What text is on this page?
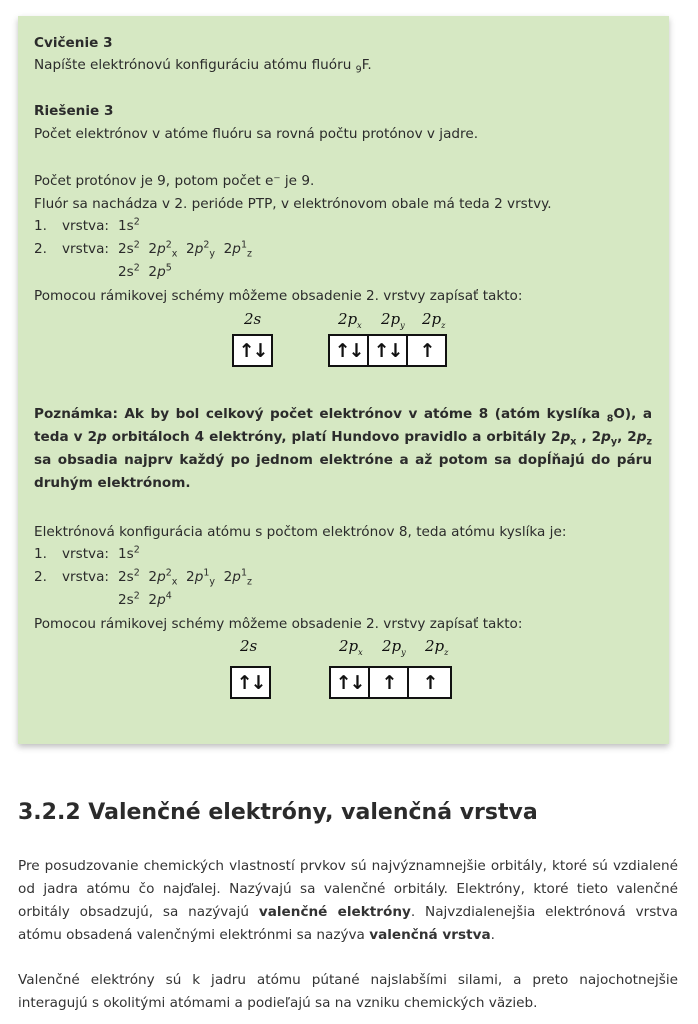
Cvičenie 3
Napíšte elektrónovú konfiguráciu atómu fluóru $_9$F.
Riešenie 3
Počet elektrónov v atóme fluóru sa rovná počtu protónov v jadre.
Počet protónov je 9, potom počet e⁻ je 9.
Fluór sa nachádza v 2. perióde PTP, v elektrónovom obale má teda 2 vrstvy.
1. vrstva: $1s^2$
2. vrstva: $2s^2$  $2p^2_x$  $2p^2_y$  $2p^1_z$
$2s^2$  $2p^5$
Pomocou rámikovej schémy môžeme obsadenie 2. vrstvy zapísať takto:
2s	$2p_x$ $2p_y$ $2p_z$
↑↓	↑↓ ↑↓ ↑
Poznámka: Ak by bol celkový počet elektrónov v atóme 8 (atóm kyslíka $_8$O), a teda v 2p orbitáloch 4 elektróny, platí Hundovo pravidlo a orbitály $2p_x$ , $2p_y$, $2p_z$ sa obsadia najprv každý po jednom elektróne a až potom sa dopĺňajú do páru druhým elektrónom.
Elektrónová konfigurácia atómu s počtom elektrónov 8, teda atómu kyslíka je:
1. vrstva: $1s^2$
2. vrstva: $2s^2$  $2p^2_x$  $2p^1_y$  $2p^1_z$
$2s^2$  $2p^4$
Pomocou rámikovej schémy môžeme obsadenie 2. vrstvy zapísať takto:
2s	$2p_x$ $2p_y$ $2p_z$
↑↓	↑↓ ↑	↑
3.2.2 Valenčné elektróny, valenčná vrstva
Pre posudzovanie chemických vlastností prvkov sú najvýznamnejšie orbitály, ktoré sú vzdialené od jadra atómu čo najďalej. Nazývajú sa valenčné orbitály. Elektróny, ktoré tieto valenčné orbitály obsadzujú, sa nazývajú valenčné elektróny. Najvzdialenejšia elektrónová vrstva atómu obsadená valenčnými elektrónmi sa nazýva valenčná vrstva.
Valenčné elektróny sú k jadru atómu pútané najslabšími silami, a preto najochotnejšie interagujú s okolitými atómami a podieľajú sa na vzniku chemických väzieb.
